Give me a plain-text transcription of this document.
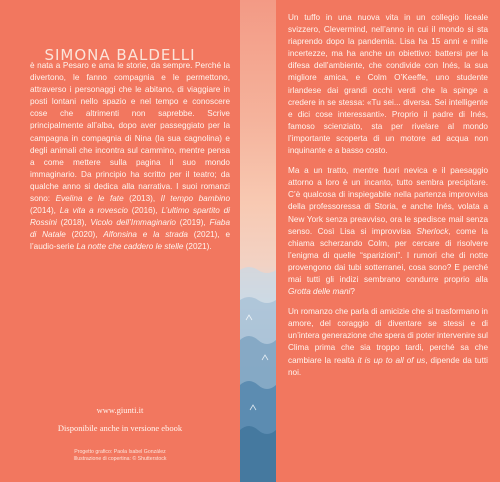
SIMONA BALDELLI
è nata a Pesaro e ama le storie, da sempre. Perché la divertono, le fanno compagnia e le permettono, attraverso i personaggi che le abitano, di viaggiare in posti lontani nello spazio e nel tempo e conoscere cose che altrimenti non saprebbe. Scrive principalmente all’alba, dopo aver passeggiato per la campagna in compagnia di Nina (la sua cagnolina) e degli animali che incontra sul cammino, mentre pensa a come mettere sulla pagina il suo mondo immaginario. Da principio ha scritto per il teatro; da qualche anno si dedica alla narrativa. I suoi romanzi sono: Evelina e le fate (2013), Il tempo bambino (2014), La vita a rovescio (2016), L’ultimo spartito di Rossini (2018), Vicolo dell’Immaginario (2019), Fiaba di Natale (2020), Alfonsina e la strada (2021), e l’audio-serie La notte che caddero le stelle (2021).
www.giunti.it
Disponibile anche in versione ebook
Progetto grafico: Paola Isabel González
Illustrazione di copertina: © Shutterstock

Un tuffo in una nuova vita in un collegio liceale svizzero, Clevermind, nell’anno in cui il mondo si sta riaprendo dopo la pandemia. Lisa ha 15 anni e mille incertezze, ma ha anche un obiettivo: battersi per la difesa dell’ambiente, che condivide con Inés, la sua migliore amica, e Colm O’Keeffe, uno studente irlandese dai grandi occhi verdi che la spinge a credere in se stessa: «Tu sei... diversa. Sei intelligente e dici cose interessanti». Proprio il padre di Inés, famoso scienziato, sta per rivelare al mondo l’importante scoperta di un motore ad acqua non inquinante e a basso costo.

Ma a un tratto, mentre fuori nevica e il paesaggio attorno a loro è un incanto, tutto sembra precipitare. C’è qualcosa di inspiegabile nella partenza improvvisa della professoressa di Storia, e anche Inés, volata a New York senza preavviso, ora le spedisce mail senza senso. Così Lisa si improvvisa Sherlock, come la chiama scherzando Colm, per cercare di risolvere l’enigma di quelle “sparizioni”. I rumori che di notte provengono dai tubi sotterranei, cosa sono? E perché mai tutti gli indizi sembrano condurre proprio alla Grotta delle mani?

Un romanzo che parla di amicizie che si trasformano in amore, del coraggio di diventare se stessi e di un’intera generazione che spera di poter intervenire sul Clima prima che sia troppo tardi, perché sa che cambiare la realtà it is up to all of us, dipende da tutti noi.
